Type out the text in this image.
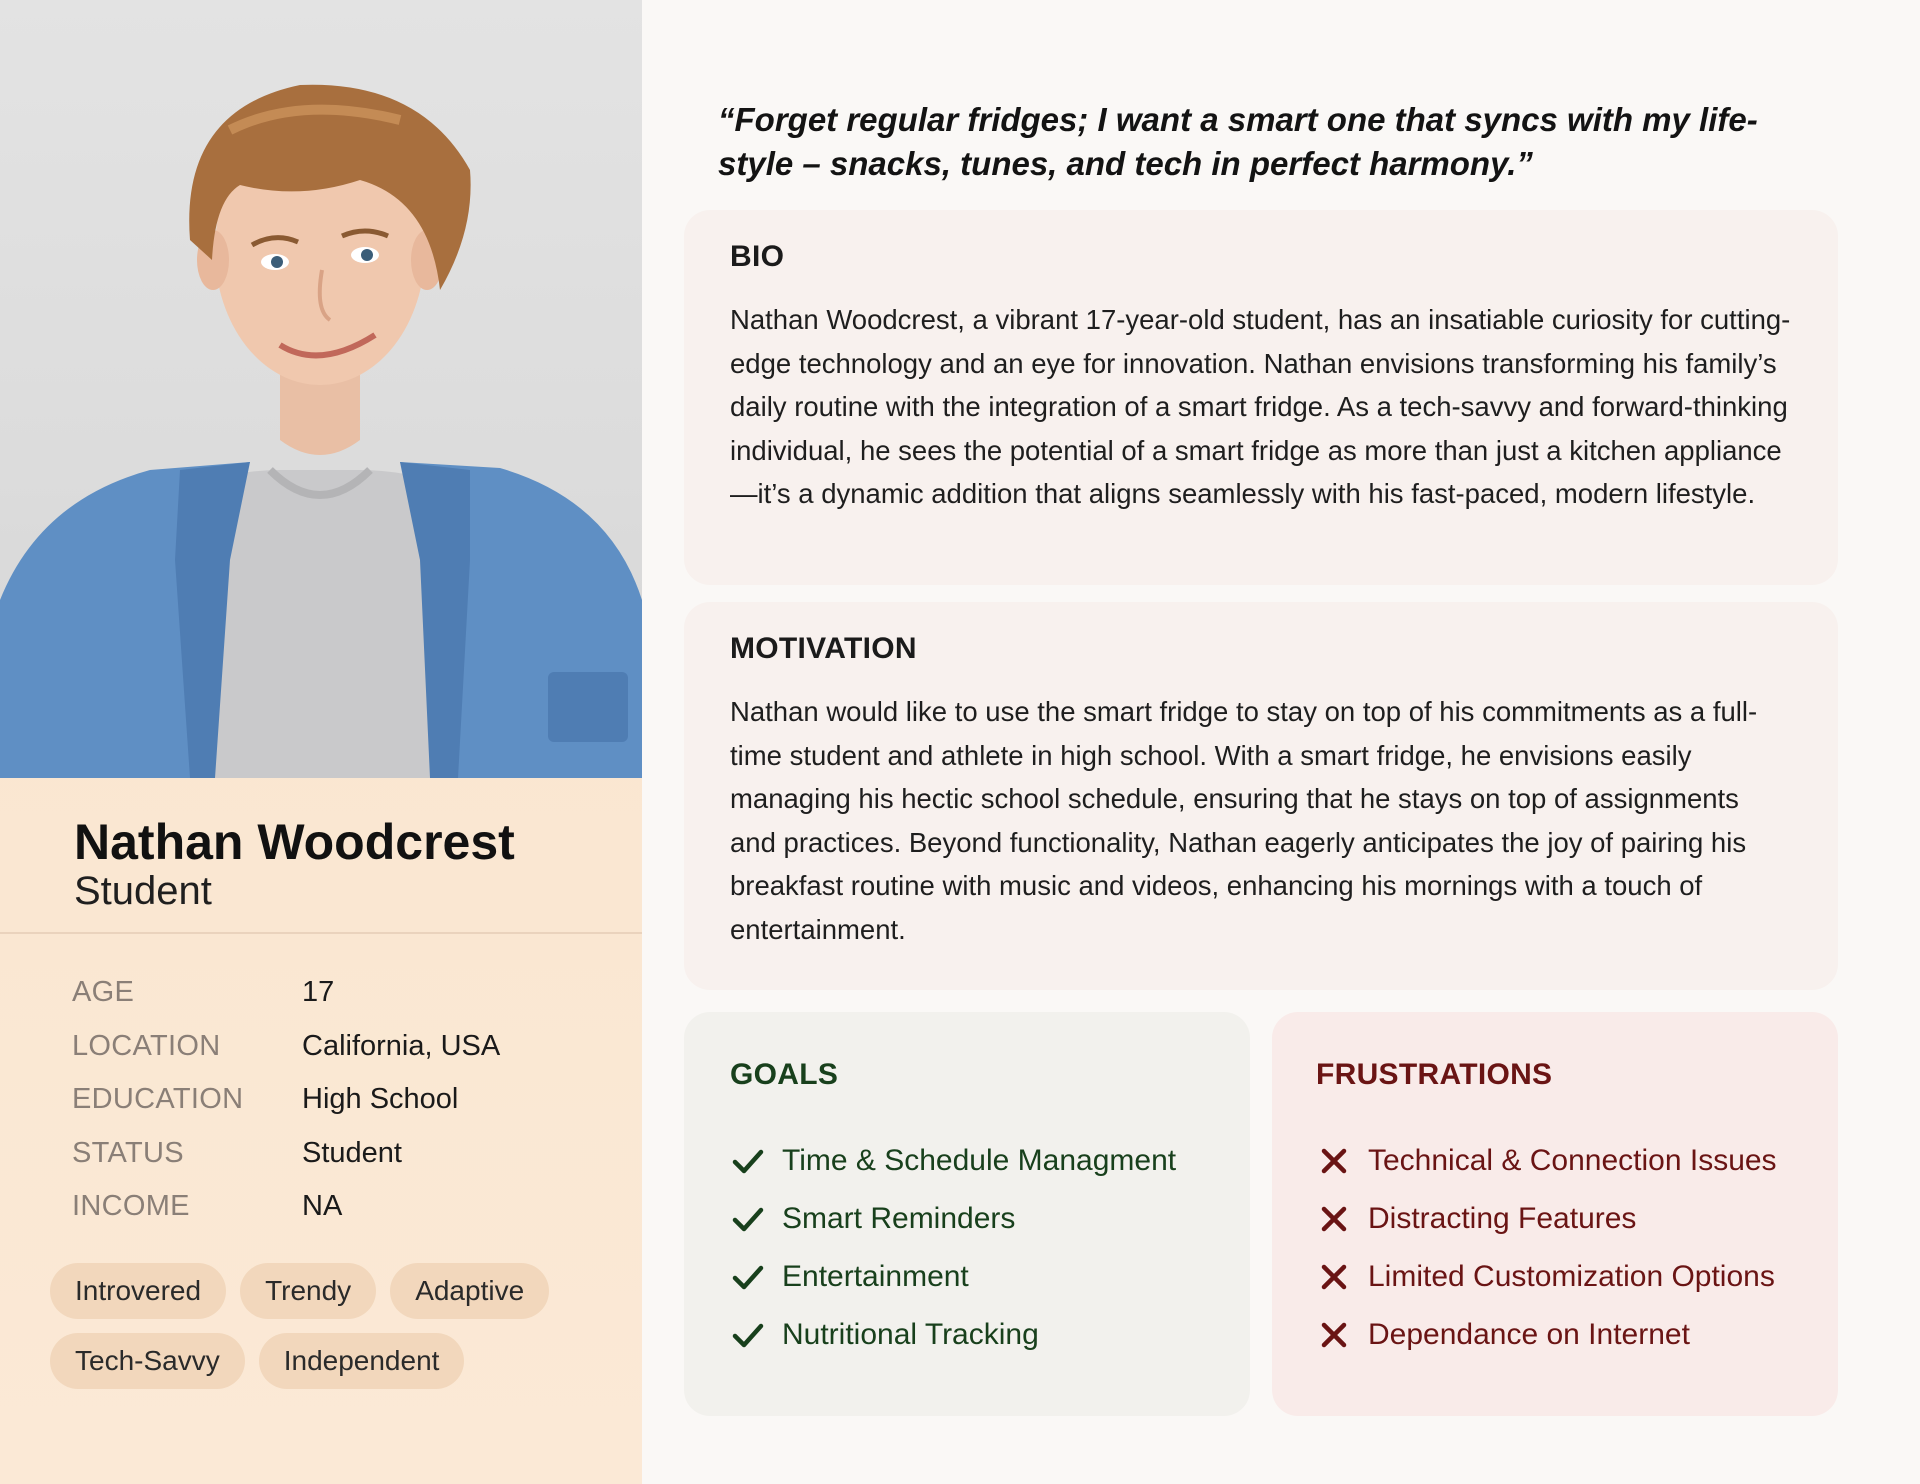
Nathan Woodcrest
Student
AGE	17
LOCATION	California, USA
EDUCATION	High School
STATUS	Student
INCOME	NA
Introvered	Trendy	Adaptive
Tech-Savvy	Independent
“Forget regular fridges; I want a smart one that syncs with my life-style – snacks, tunes, and tech in perfect harmony.”
BIO

Nathan Woodcrest, a vibrant 17-year-old student, has an insatiable curiosity for cutting-edge technology and an eye for innovation. Nathan envisions transforming his family’s daily routine with the integration of a smart fridge. As a tech-savvy and forward-thinking individual, he sees the potential of a smart fridge as more than just a kitchen appliance—it’s a dynamic addition that aligns seamlessly with his fast-paced, modern lifestyle.

MOTIVATION

Nathan would like to use the smart fridge to stay on top of his commitments as a full-time student and athlete in high school. With a smart fridge, he envisions easily managing his hectic school schedule, ensuring that he stays on top of assignments and practices. Beyond functionality, Nathan eagerly anticipates the joy of pairing his breakfast routine with music and videos, enhancing his mornings with a touch of entertainment.

GOALS
Time & Schedule Managment
Smart Reminders
Entertainment
Nutritional Tracking
FRUSTRATIONS
Technical & Connection Issues
Distracting Features
Limited Customization Options
Dependance on Internet
